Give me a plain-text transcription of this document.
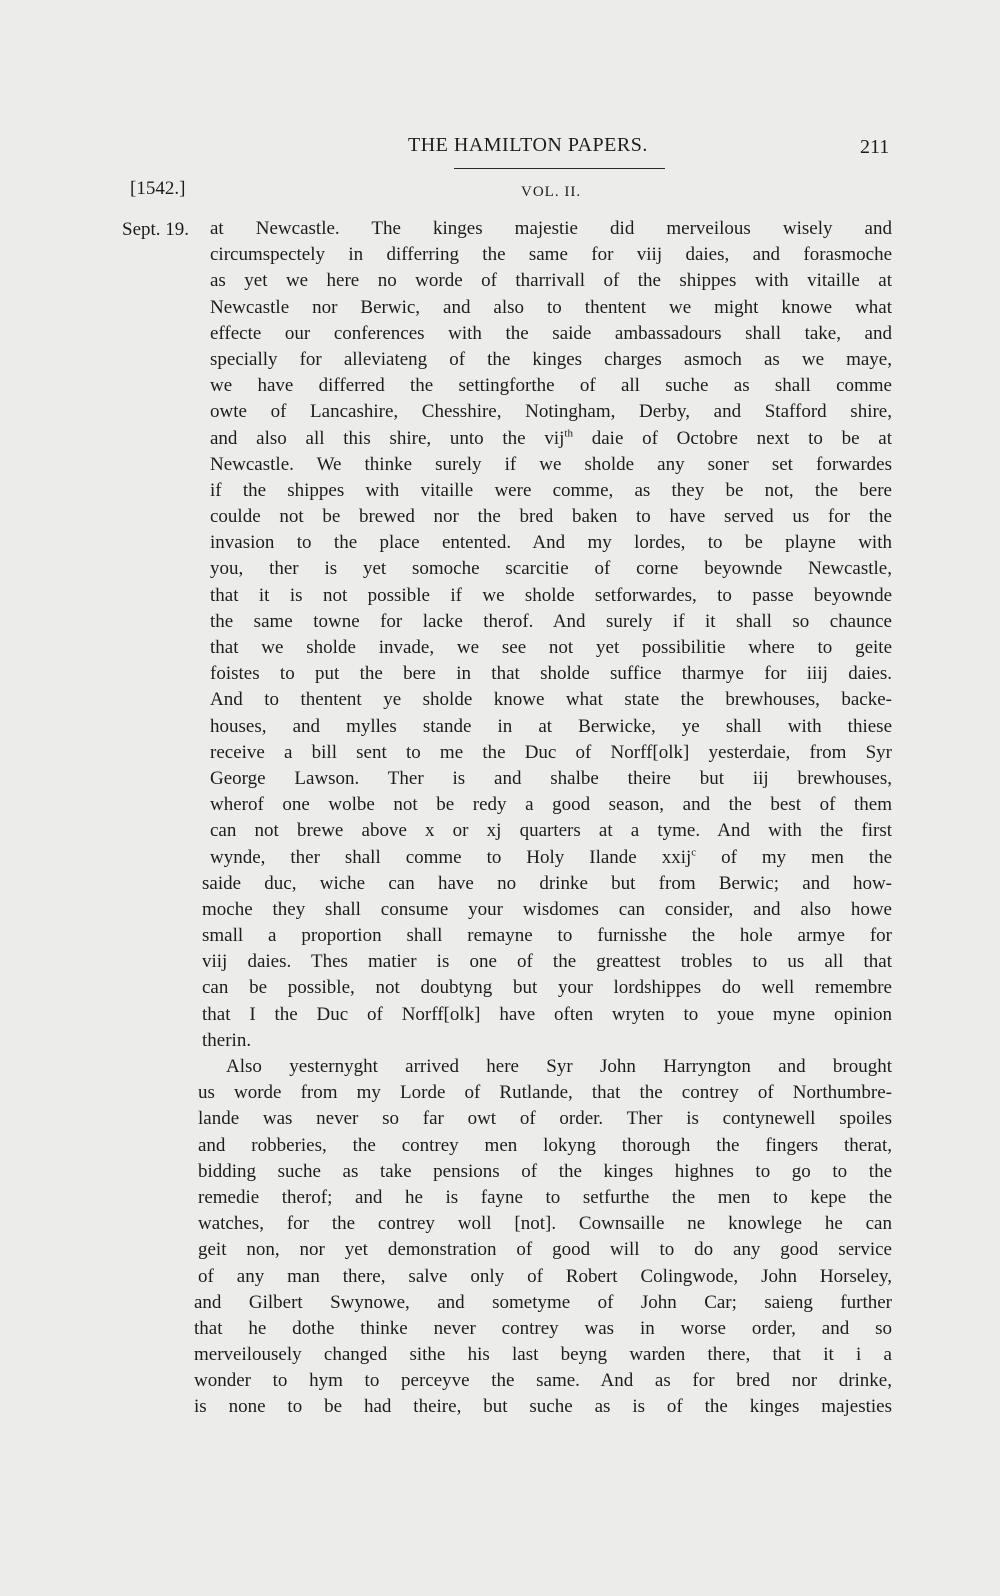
THE HAMILTON PAPERS.	211
[1542.]	VOL. II.
Sept. 19. at Newcastle. The kinges majestie did merveilous wisely and
circumspectely in differring the same for viij daies, and forasmoche
as yet we here no worde of tharrivall of the shippes with vitaille at
Newcastle nor Berwic, and also to thentent we might knowe what
effecte our conferences with the saide ambassadours shall take, and
specially for alleviateng of the kinges charges asmoch as we maye,
we have differred the settingforthe of all suche as shall comme
owte of Lancashire, Chesshire, Notingham, Derby, and Stafford shire,
and also all this shire, unto the vij$^{th}$ daie of Octobre next to be at
Newcastle. We thinke surely if we sholde any soner set forwardes
if the shippes with vitaille were comme, as they be not, the bere
coulde not be brewed nor the bred baken to have served us for the
invasion to the place entented. And my lordes, to be playne with
you, ther is yet somoche scarcitie of corne beyownde Newcastle,
that it is not possible if we sholde setforwardes, to passe beyownde
the same towne for lacke therof. And surely if it shall so chaunce
that we sholde invade, we see not yet possibilitie where to geite
foistes to put the bere in that sholde suffice tharmye for iiij daies.
And to thentent ye sholde knowe what state the brewhouses, backe-
houses, and mylles stande in at Berwicke, ye shall with thiese
receive a bill sent to me the Duc of Norff[olk] yesterdaie, from Syr
George Lawson. Ther is and shalbe theire but iij brewhouses,
wherof one wolbe not be redy a good season, and the best of them
can not brewe above x or xj quarters at a tyme. And with the first
wynde, ther shall comme to Holy Ilande xxij$^c$ of my men the
saide duc, wiche can have no drinke but from Berwic; and how-
moche they shall consume your wisdomes can consider, and also howe
small a proportion shall remayne to furnisshe the hole armye for
viij daies. Thes matier is one of the greattest trobles to us all that
can be possible, not doubtyng but your lordshippes do well remembre
that I the Duc of Norff[olk] have often wryten to youe myne opinion
therin.
Also yesternyght arrived here Syr John Harryngton and brought
us worde from my Lorde of Rutlande, that the contrey of Northumbre-
lande was never so far owt of order. Ther is contynewell spoiles
and robberies, the contrey men lokyng thorough the fingers therat,
bidding suche as take pensions of the kinges highnes to go to the
remedie therof; and he is fayne to setfurthe the men to kepe the
watches, for the contrey woll [not]. Cownsaille ne knowlege he can
geit non, nor yet demonstration of good will to do any good service
of any man there, salve only of Robert Colingwode, John Horseley,
and Gilbert Swynowe, and sometyme of John Car; saieng further
that he dothe thinke never contrey was in worse order, and so
merveilousely changed sithe his last beyng warden there, that it i a
wonder to hym to perceyve the same. And as for bred nor drinke,
is none to be had theire, but suche as is of the kinges majesties
